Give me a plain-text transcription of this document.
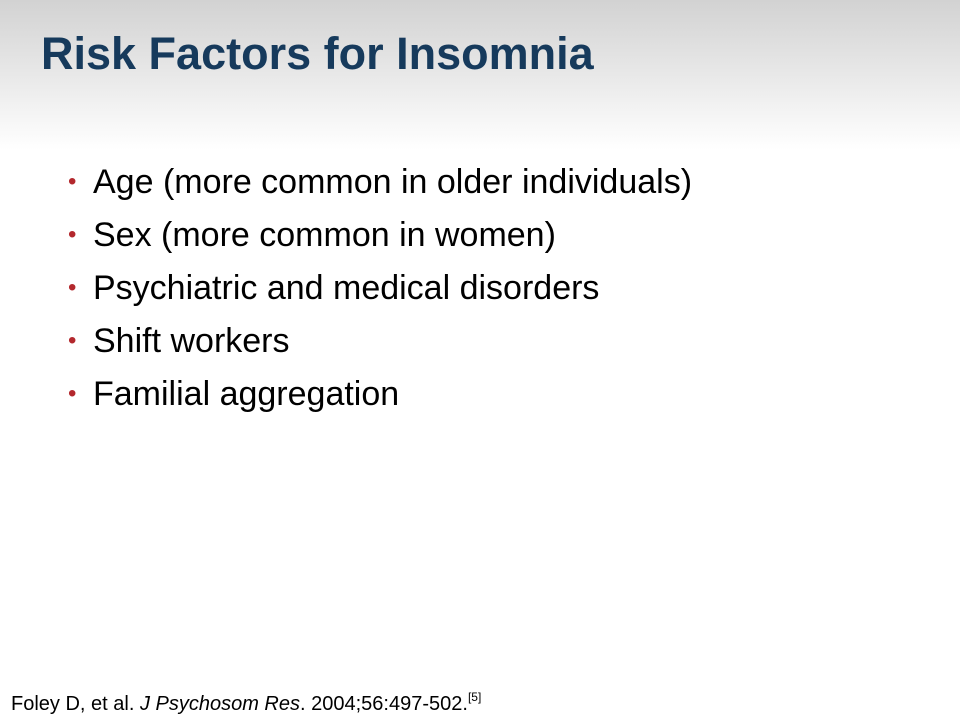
Risk Factors for Insomnia
• Age (more common in older individuals)
• Sex (more common in women)
• Psychiatric and medical disorders
• Shift workers
• Familial aggregation
Foley D, et al. J Psychosom Res. 2004;56:497-502.[5]
